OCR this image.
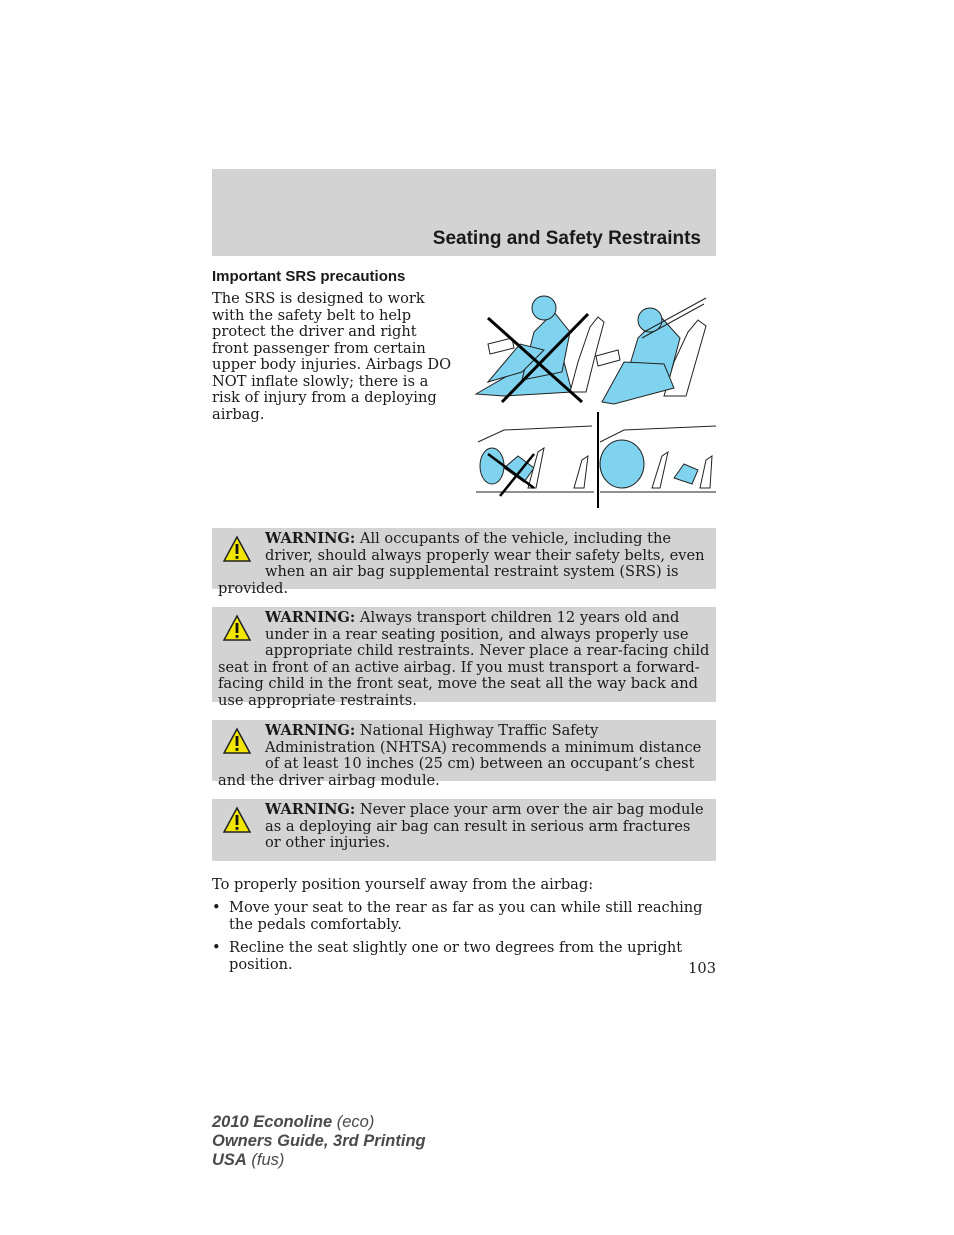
Seating and Safety Restraints
Important SRS precautions
The SRS is designed to work with the safety belt to help protect the driver and right front passenger from certain upper body injuries. Airbags DO NOT inflate slowly; there is a risk of injury from a deploying airbag.
WARNING: All occupants of the vehicle, including the driver, should always properly wear their safety belts, even when an air bag supplemental restraint system (SRS) is provided.
WARNING: Always transport children 12 years old and under in a rear seating position, and always properly use appropriate child restraints. Never place a rear-facing child seat in front of an active airbag. If you must transport a forward-facing child in the front seat, move the seat all the way back and use appropriate restraints.
WARNING: National Highway Traffic Safety Administration (NHTSA) recommends a minimum distance of at least 10 inches (25 cm) between an occupant’s chest and the driver airbag module.
WARNING: Never place your arm over the air bag module as a deploying air bag can result in serious arm fractures or other injuries.
To properly position yourself away from the airbag:
• Move your seat to the rear as far as you can while still reaching the pedals comfortably.
• Recline the seat slightly one or two degrees from the upright position.	103
2010 Econoline (eco)
Owners Guide, 3rd Printing
USA (fus)
